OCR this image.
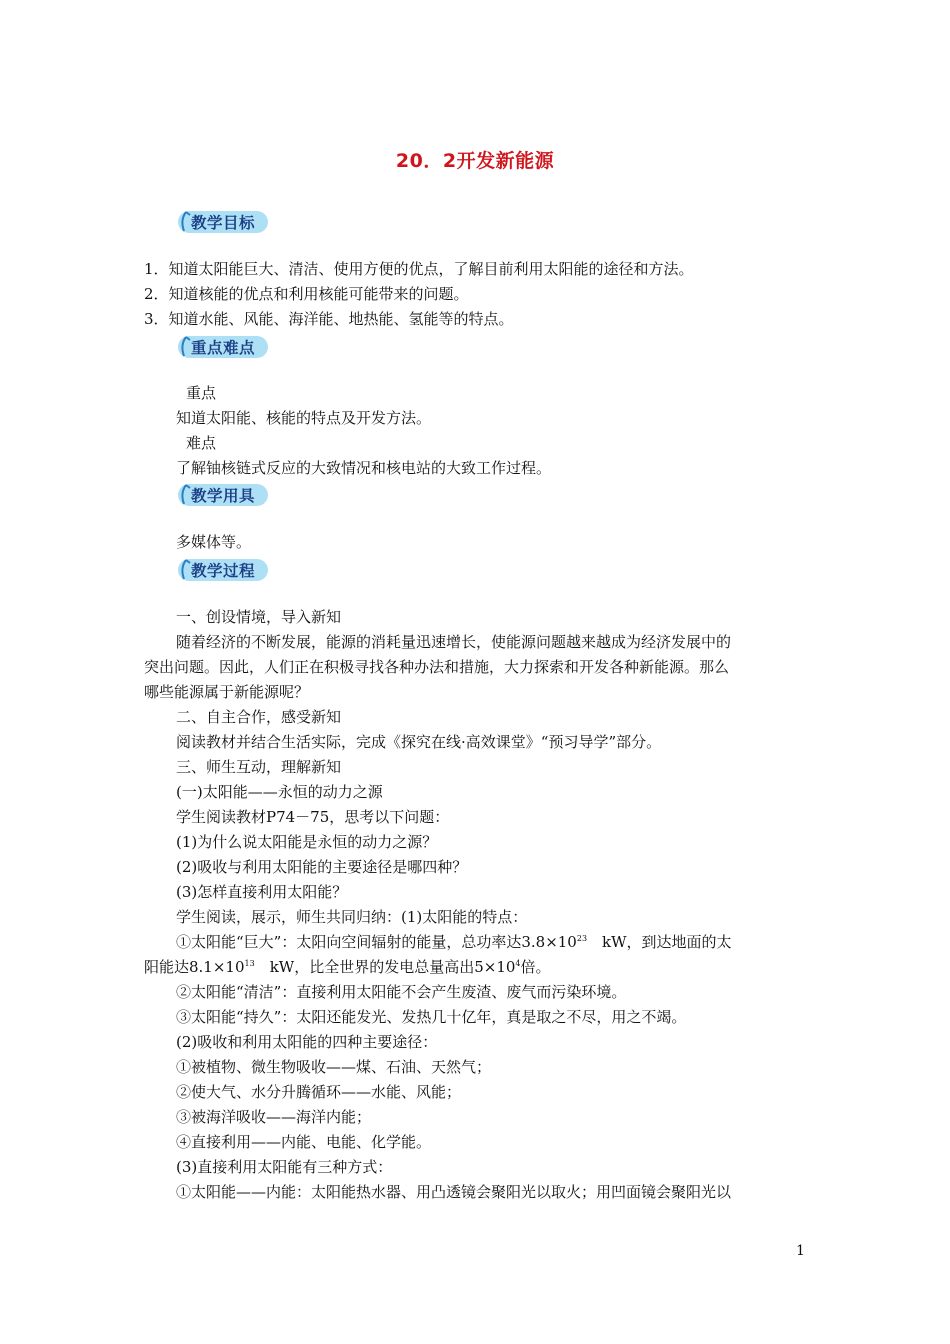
20．2开发新能源
教学目标
1．知道太阳能巨大、清洁、使用方便的优点，了解目前利用太阳能的途径和方法。
2．知道核能的优点和利用核能可能带来的问题。
3．知道水能、风能、海洋能、地热能、氢能等的特点。
重点难点
重点
知道太阳能、核能的特点及开发方法。
难点
了解铀核链式反应的大致情况和核电站的大致工作过程。
教学用具
多媒体等。
教学过程
一、创设情境，导入新知
随着经济的不断发展，能源的消耗量迅速增长，使能源问题越来越成为经济发展中的
突出问题。因此，人们正在积极寻找各种办法和措施，大力探索和开发各种新能源。那么
哪些能源属于新能源呢？
二、自主合作，感受新知
阅读教材并结合生活实际，完成《探究在线·高效课堂》“预习导学”部分。
三、师生互动，理解新知
(一)太阳能——永恒的动力之源
学生阅读教材P74－75，思考以下问题：
(1)为什么说太阳能是永恒的动力之源？
(2)吸收与利用太阳能的主要途径是哪四种？
(3)怎样直接利用太阳能？
学生阅读，展示，师生共同归纳：(1)太阳能的特点：
①太阳能“巨大”：太阳向空间辐射的能量，总功率达$3.8\times 10^{23}$　kW，到达地面的太
阳能达$8.1\times 10^{13}$　kW，比全世界的发电总量高出$5\times 10^4$倍。
②太阳能“清洁”：直接利用太阳能不会产生废渣、废气而污染环境。
③太阳能“持久”：太阳还能发光、发热几十亿年，真是取之不尽，用之不竭。
(2)吸收和利用太阳能的四种主要途径：
①被植物、微生物吸收——煤、石油、天然气；
②使大气、水分升腾循环——水能、风能；
③被海洋吸收——海洋内能；
④直接利用——内能、电能、化学能。
(3)直接利用太阳能有三种方式：
①太阳能——内能：太阳能热水器、用凸透镜会聚阳光以取火；用凹面镜会聚阳光以
1
